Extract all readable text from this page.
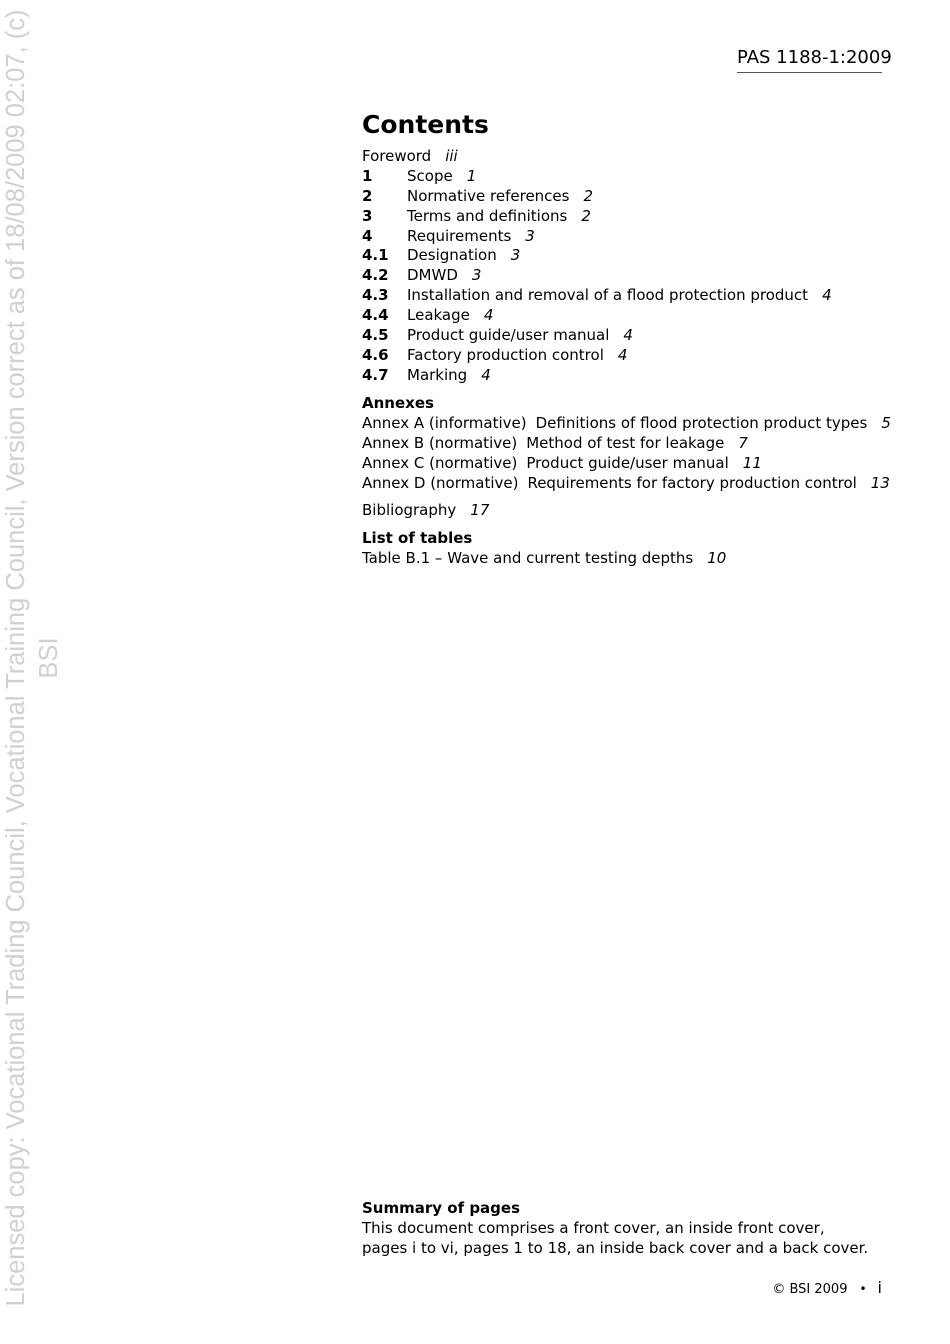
PAS 1188-1:2009
Licensed copy: Vocational Trading Council, Vocational Training Council, Version correct as of 18/08/2009 02:07, (c) BSI
Contents
Foreword iii
1 Scope 1
2 Normative references 2
3 Terms and definitions 2
4 Requirements 3
4.1 Designation 3
4.2 DMWD 3
4.3 Installation and removal of a flood protection product 4
4.4 Leakage 4
4.5 Product guide/user manual 4
4.6 Factory production control 4
4.7 Marking 4
Annexes
Annex A (informative) Definitions of flood protection product types 5
Annex B (normative) Method of test for leakage 7
Annex C (normative) Product guide/user manual 11
Annex D (normative) Requirements for factory production control 13
Bibliography 17
List of tables
Table B.1 – Wave and current testing depths 10
Summary of pages
This document comprises a front cover, an inside front cover,
pages i to vi, pages 1 to 18, an inside back cover and a back cover.
© BSI 2009 • i
